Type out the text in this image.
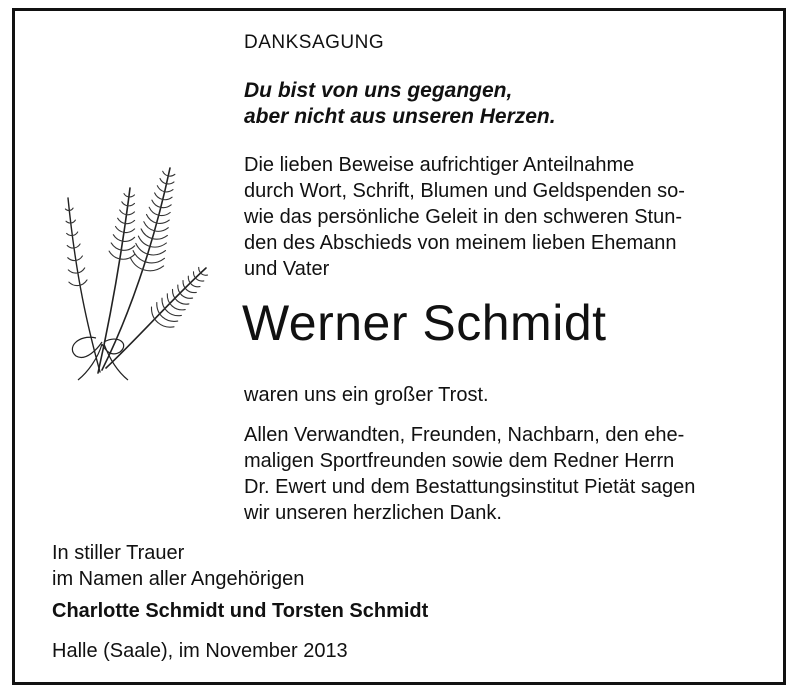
DANKSAGUNG
Du bist von uns gegangen,
aber nicht aus unseren Herzen.
Die lieben Beweise aufrichtiger Anteilnahme
durch Wort, Schrift, Blumen und Geldspenden so-
wie das persönliche Geleit in den schweren Stun-
den des Abschieds von meinem lieben Ehemann
und Vater
Werner Schmidt
waren uns ein großer Trost.
Allen Verwandten, Freunden, Nachbarn, den ehe-
maligen Sportfreunden sowie dem Redner Herrn
Dr. Ewert und dem Bestattungsinstitut Pietät sagen
wir unseren herzlichen Dank.
In stiller Trauer
im Namen aller Angehörigen
Charlotte Schmidt und Torsten Schmidt
Halle (Saale), im November 2013
